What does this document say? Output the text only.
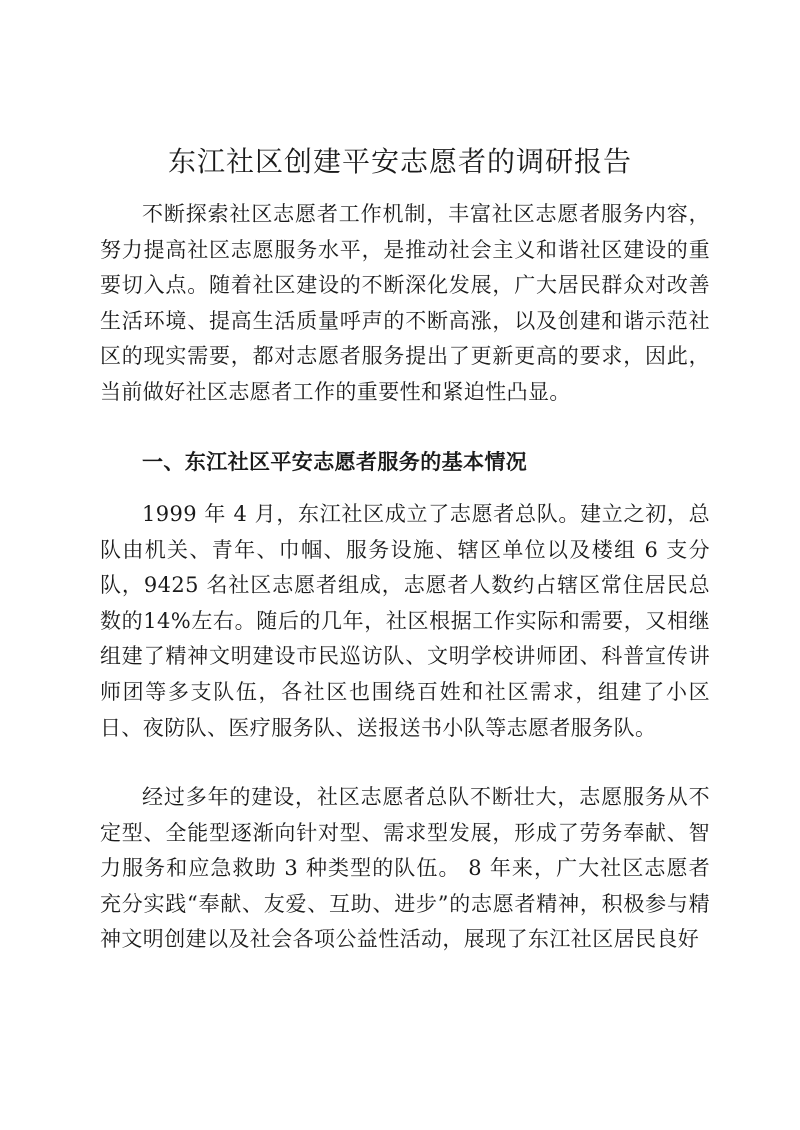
东江社区创建平安志愿者的调研报告

不断探索社区志愿者工作机制，丰富社区志愿者服务内容，努力提高社区志愿服务水平，是推动社会主义和谐社区建设的重要切入点。随着社区建设的不断深化发展，广大居民群众对改善生活环境、提高生活质量呼声的不断高涨，以及创建和谐示范社区的现实需要，都对志愿者服务提出了更新更高的要求，因此，当前做好社区志愿者工作的重要性和紧迫性凸显。

一、东江社区平安志愿者服务的基本情况

1999 年 4 月，东江社区成立了志愿者总队。建立之初，总队由机关、青年、巾帼、服务设施、辖区单位以及楼组 6 支分队，9425 名社区志愿者组成，志愿者人数约占辖区常住居民总数的14%左右。随后的几年，社区根据工作实际和需要，又相继组建了精神文明建设市民巡访队、文明学校讲师团、科普宣传讲师团等多支队伍，各社区也围绕百姓和社区需求，组建了小区日、夜防队、医疗服务队、送报送书小队等志愿者服务队。

经过多年的建设，社区志愿者总队不断壮大，志愿服务从不定型、全能型逐渐向针对型、需求型发展，形成了劳务奉献、智力服务和应急救助 3 种类型的队伍。 8 年来，广大社区志愿者充分实践“奉献、友爱、互助、进步”的志愿者精神，积极参与精神文明创建以及社会各项公益性活动，展现了东江社区居民良好
